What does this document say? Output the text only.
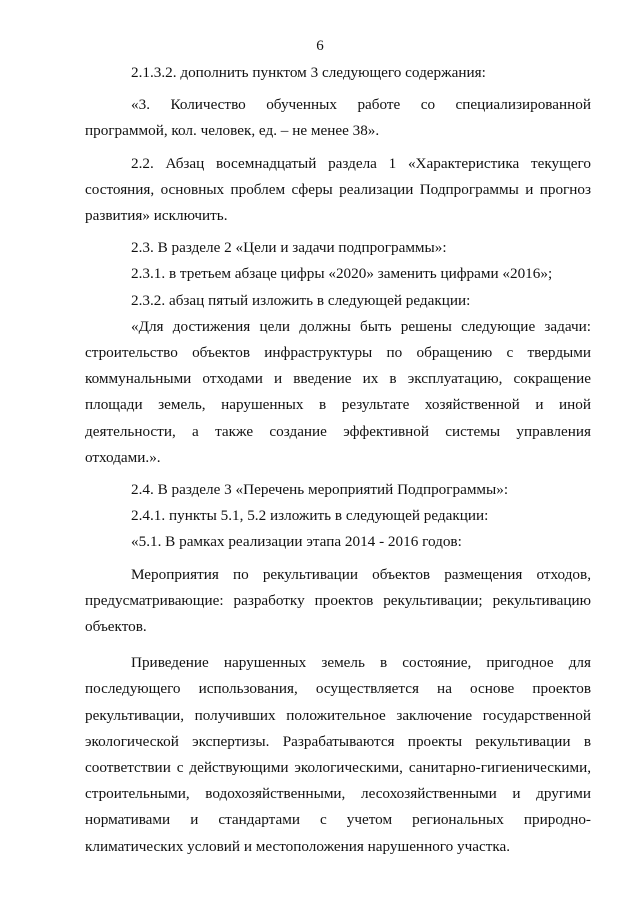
6

2.1.3.2. дополнить пунктом 3 следующего содержания:

«3. Количество обученных работе со специализированной программой, кол. человек, ед. – не менее 38».

2.2. Абзац восемнадцатый раздела 1 «Характеристика текущего состояния, основных проблем сферы реализации Подпрограммы и прогноз развития» исключить.

2.3. В разделе 2 «Цели и задачи подпрограммы»:

2.3.1. в третьем абзаце цифры «2020» заменить цифрами «2016»;

2.3.2. абзац пятый изложить в следующей редакции:

«Для достижения цели должны быть решены следующие задачи: строительство объектов инфраструктуры по обращению с твердыми коммунальными отходами и введение их в эксплуатацию, сокращение площади земель, нарушенных в результате хозяйственной и иной деятельности, а также создание эффективной системы управления отходами.».

2.4. В разделе 3 «Перечень мероприятий Подпрограммы»:

2.4.1. пункты 5.1, 5.2 изложить в следующей редакции:

«5.1. В рамках реализации этапа 2014 - 2016 годов:

Мероприятия по рекультивации объектов размещения отходов, предусматривающие: разработку проектов рекультивации; рекультивацию объектов.

Приведение нарушенных земель в состояние, пригодное для последующего использования, осуществляется на основе проектов рекультивации, получивших положительное заключение государственной экологической экспертизы. Разрабатываются проекты рекультивации в соответствии с действующими экологическими, санитарно-гигиеническими, строительными, водохозяйственными, лесохозяйственными и другими нормативами и стандартами с учетом региональных природно-климатических условий и местоположения нарушенного участка.
